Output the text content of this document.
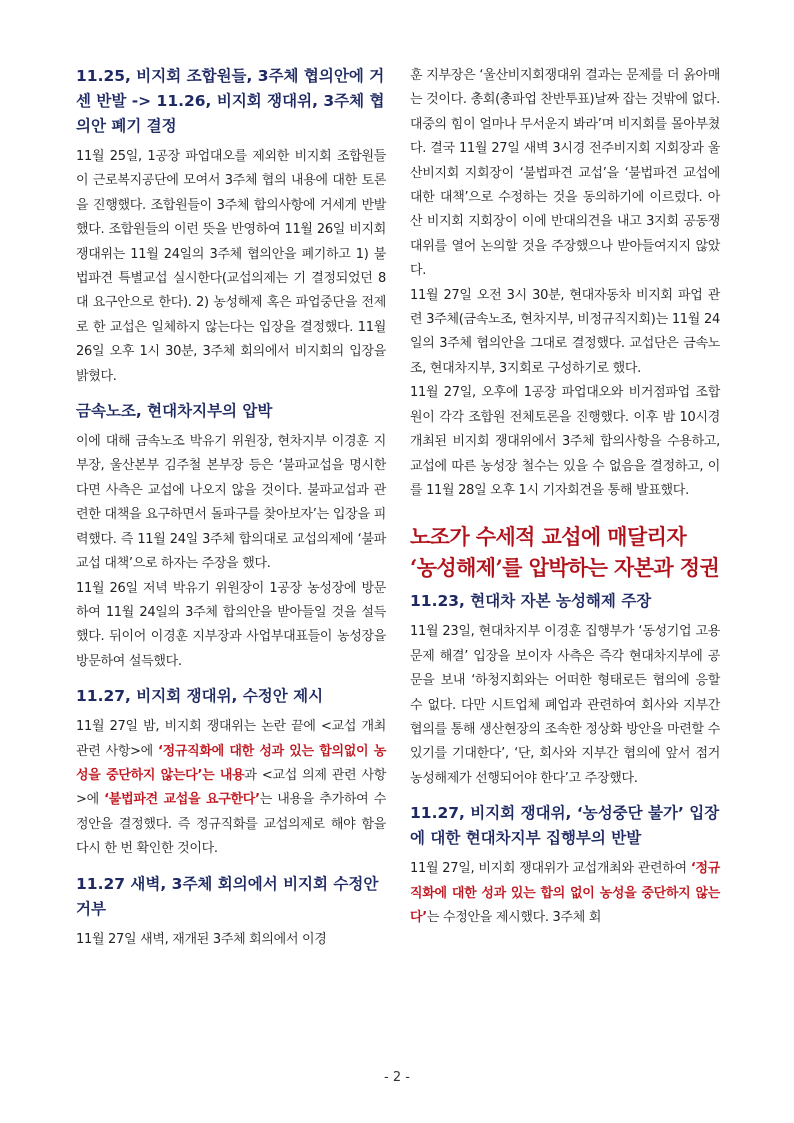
11.25, 비지회 조합원들, 3주체 협의안에 거센 반발 -> 11.26, 비지회 쟁대위, 3주체 협의안 폐기 결정
11월 25일, 1공장 파업대오를 제외한 비지회 조합원들이 근로복지공단에 모여서 3주체 협의 내용에 대한 토론을 진행했다. 조합원들이 3주체 합의사항에 거세게 반발했다. 조합원들의 이런 뜻을 반영하여 11월 26일 비지회 쟁대위는 11월 24일의 3주체 협의안을 폐기하고 1) 불법파견 특별교섭 실시한다(교섭의제는 기 결정되었던 8대 요구안으로 한다). 2) 농성해제 혹은 파업중단을 전제로 한 교섭은 일체하지 않는다는 입장을 결정했다. 11월 26일 오후 1시 30분, 3주체 회의에서 비지회의 입장을 밝혔다.
금속노조, 현대차지부의 압박
이에 대해 금속노조 박유기 위원장, 현차지부 이경훈 지부장, 울산본부 김주철 본부장 등은 ‘불파교섭을 명시한다면 사측은 교섭에 나오지 않을 것이다. 불파교섭과 관련한 대책을 요구하면서 돌파구를 찾아보자’는 입장을 피력했다. 즉 11월 24일 3주체 합의대로 교섭의제에 ‘불파교섭 대책’으로 하자는 주장을 했다.
11월 26일 저녁 박유기 위원장이 1공장 농성장에 방문하여 11월 24일의 3주체 합의안을 받아들일 것을 설득했다. 뒤이어 이경훈 지부장과 사업부대표들이 농성장을 방문하여 설득했다.
11.27, 비지회 쟁대위, 수정안 제시
11월 27일 밤, 비지회 쟁대위는 논란 끝에 <교섭 개최 관련 사항>에 ‘정규직화에 대한 성과 있는 합의없이 농성을 중단하지 않는다’는 내용과 <교섭 의제 관련 사항>에 ‘불법파견 교섭을 요구한다’는 내용을 추가하여 수정안을 결정했다. 즉 정규직화를 교섭의제로 해야 함을 다시 한 번 확인한 것이다.
11.27 새벽, 3주체 회의에서 비지회 수정안 거부
11월 27일 새벽, 재개된 3주체 회의에서 이경
훈 지부장은 ‘울산비지회쟁대위 결과는 문제를 더 옭아매는 것이다. 총회(총파업 찬반투표)날짜 잡는 것밖에 없다. 대중의 힘이 얼마나 무서운지 봐라’며 비지회를 몰아부쳤다. 결국 11월 27일 새벽 3시경 전주비지회 지회장과 울산비지회 지회장이 ‘불법파견 교섭’을 ‘불법파견 교섭에 대한 대책’으로 수정하는 것을 동의하기에 이르렀다. 아산 비지회 지회장이 이에 반대의견을 내고 3지회 공동쟁대위를 열어 논의할 것을 주장했으나 받아들여지지 않았다.
11월 27일 오전 3시 30분, 현대자동차 비지회 파업 관련 3주체(금속노조, 현차지부, 비정규직지회)는 11월 24일의 3주체 협의안을 그대로 결정했다. 교섭단은 금속노조, 현대차지부, 3지회로 구성하기로 했다.
11월 27일, 오후에 1공장 파업대오와 비거점파업 조합원이 각각 조합원 전체토론을 진행했다. 이후 밤 10시경 개최된 비지회 쟁대위에서 3주체 합의사항을 수용하고, 교섭에 따른 농성장 철수는 있을 수 없음을 결정하고, 이를 11월 28일 오후 1시 기자회견을 통해 발표했다.
노조가 수세적 교섭에 매달리자
‘농성해제’를 압박하는 자본과 정권
11.23, 현대차 자본 농성해제 주장
11월 23일, 현대차지부 이경훈 집행부가 ‘동성기업 고용문제 해결’ 입장을 보이자 사측은 즉각 현대차지부에 공문을 보내 ‘하청지회와는 어떠한 형태로든 협의에 응할 수 없다. 다만 시트업체 폐업과 관련하여 회사와 지부간 협의를 통해 생산현장의 조속한 정상화 방안을 마련할 수 있기를 기대한다’, ‘단, 회사와 지부간 협의에 앞서 점거농성해제가 선행되어야 한다’고 주장했다.
11.27, 비지회 쟁대위, ‘농성중단 불가’ 입장에 대한 현대차지부 집행부의 반발
11월 27일, 비지회 쟁대위가 교섭개최와 관련하여 ‘정규직화에 대한 성과 있는 합의 없이 농성을 중단하지 않는다’는 수정안을 제시했다. 3주체 회
- 2 -
